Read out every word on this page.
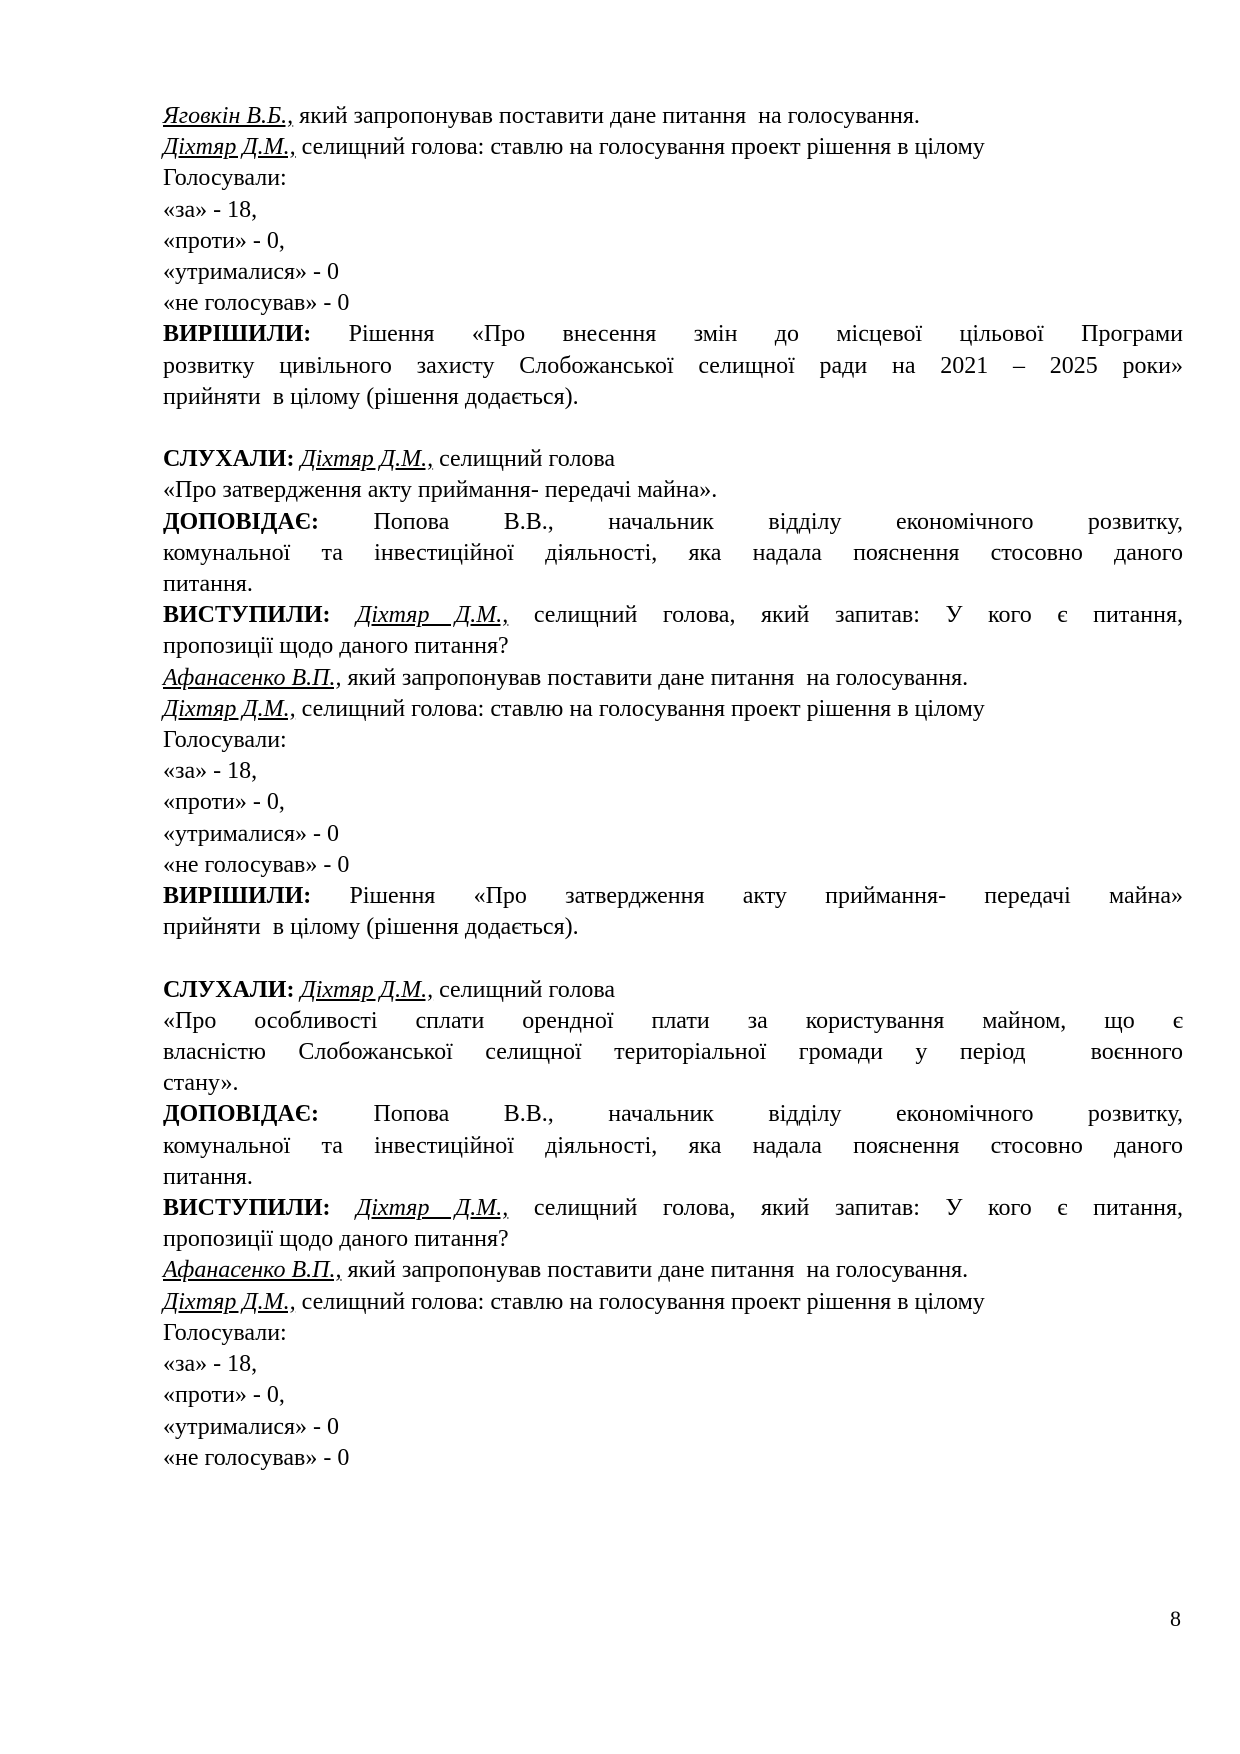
Яговкін В.Б., який запропонував поставити дане питання  на голосування.
Діхтяр Д.М., селищний голова: ставлю на голосування проект рішення в цілому
Голосували:
«за» - 18,
«проти» - 0,
«утрималися» - 0
«не голосував» - 0
ВИРІШИЛИ: Рішення «Про внесення змін до місцевої цільової Програми
розвитку цивільного захисту Слобожанської селищної ради на 2021 – 2025 роки»
прийняти  в цілому (рішення додається).
СЛУХАЛИ: Діхтяр Д.М., селищний голова
«Про затвердження акту приймання- передачі майна».
ДОПОВІДАЄ: Попова В.В., начальник відділу економічного розвитку,
комунальної та інвестиційної діяльності, яка надала пояснення стосовно даного
питання.
ВИСТУПИЛИ: Діхтяр Д.М., селищний голова, який запитав: У кого є питання,
пропозиції щодо даного питання?
Афанасенко В.П., який запропонував поставити дане питання  на голосування.
Діхтяр Д.М., селищний голова: ставлю на голосування проект рішення в цілому
Голосували:
«за» - 18,
«проти» - 0,
«утрималися» - 0
«не голосував» - 0
ВИРІШИЛИ: Рішення «Про затвердження акту приймання- передачі майна»
прийняти  в цілому (рішення додається).
СЛУХАЛИ: Діхтяр Д.М., селищний голова
«Про особливості сплати орендної плати за користування майном, що є
власністю Слобожанської селищної територіальної громади у період  воєнного
стану».
ДОПОВІДАЄ: Попова В.В., начальник відділу економічного розвитку,
комунальної та інвестиційної діяльності, яка надала пояснення стосовно даного
питання.
ВИСТУПИЛИ: Діхтяр Д.М., селищний голова, який запитав: У кого є питання,
пропозиції щодо даного питання?
Афанасенко В.П., який запропонував поставити дане питання  на голосування.
Діхтяр Д.М., селищний голова: ставлю на голосування проект рішення в цілому
Голосували:
«за» - 18,
«проти» - 0,
«утрималися» - 0
«не голосував» - 0
8
